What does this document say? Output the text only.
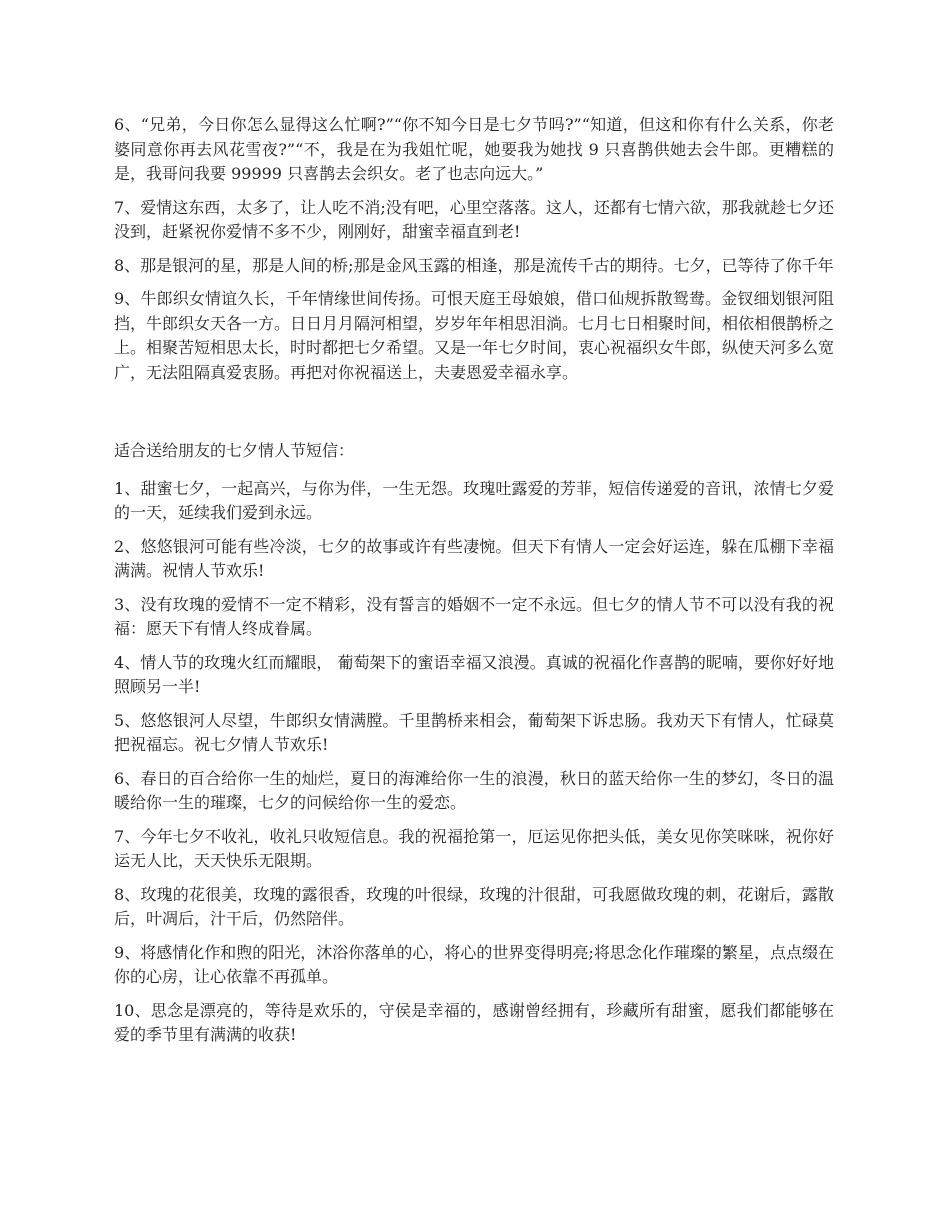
6、“兄弟，今日你怎么显得这么忙啊?”“你不知今日是七夕节吗?”“知道，但这和你有什么关系，你老婆同意你再去风花雪夜?”“不，我是在为我姐忙呢，她要我为她找 9 只喜鹊供她去会牛郎。更糟糕的是，我哥问我要 99999 只喜鹊去会织女。老了也志向远大。”

7、爱情这东西，太多了，让人吃不消;没有吧，心里空落落。这人，还都有七情六欲，那我就趁七夕还没到，赶紧祝你爱情不多不少，刚刚好，甜蜜幸福直到老!

8、那是银河的星，那是人间的桥;那是金风玉露的相逢，那是流传千古的期待。七夕，已等待了你千年

9、牛郎织女情谊久长，千年情缘世间传扬。可恨天庭王母娘娘，借口仙规拆散鸳鸯。金钗细划银河阻挡，牛郎织女天各一方。日日月月隔河相望，岁岁年年相思泪淌。七月七日相聚时间，相依相偎鹊桥之上。相聚苦短相思太长，时时都把七夕希望。又是一年七夕时间，衷心祝福织女牛郎，纵使天河多么宽广，无法阻隔真爱衷肠。再把对你祝福送上，夫妻恩爱幸福永享。

适合送给朋友的七夕情人节短信：

1、甜蜜七夕，一起高兴，与你为伴，一生无怨。玫瑰吐露爱的芳菲，短信传递爱的音讯，浓情七夕爱的一天，延续我们爱到永远。

2、悠悠银河可能有些冷淡，七夕的故事或许有些凄惋。但天下有情人一定会好运连，躲在瓜棚下幸福满满。祝情人节欢乐!

3、没有玫瑰的爱情不一定不精彩，没有誓言的婚姻不一定不永远。但七夕的情人节不可以没有我的祝福：愿天下有情人终成眷属。

4、情人节的玫瑰火红而耀眼， 葡萄架下的蜜语幸福又浪漫。真诚的祝福化作喜鹊的昵喃，要你好好地照顾另一半!

5、悠悠银河人尽望，牛郎织女情满膛。千里鹊桥来相会，葡萄架下诉忠肠。我劝天下有情人，忙碌莫把祝福忘。祝七夕情人节欢乐!

6、春日的百合给你一生的灿烂，夏日的海滩给你一生的浪漫，秋日的蓝天给你一生的梦幻，冬日的温暖给你一生的璀璨，七夕的问候给你一生的爱恋。

7、今年七夕不收礼，收礼只收短信息。我的祝福抢第一，厄运见你把头低，美女见你笑咪咪，祝你好运无人比，天天快乐无限期。

8、玫瑰的花很美，玫瑰的露很香，玫瑰的叶很绿，玫瑰的汁很甜，可我愿做玫瑰的刺，花谢后，露散后，叶凋后，汁干后，仍然陪伴。

9、将感情化作和煦的阳光，沐浴你落单的心，将心的世界变得明亮;将思念化作璀璨的繁星，点点缀在你的心房，让心依靠不再孤单。

10、思念是漂亮的，等待是欢乐的，守侯是幸福的，感谢曾经拥有，珍藏所有甜蜜，愿我们都能够在爱的季节里有满满的收获!
